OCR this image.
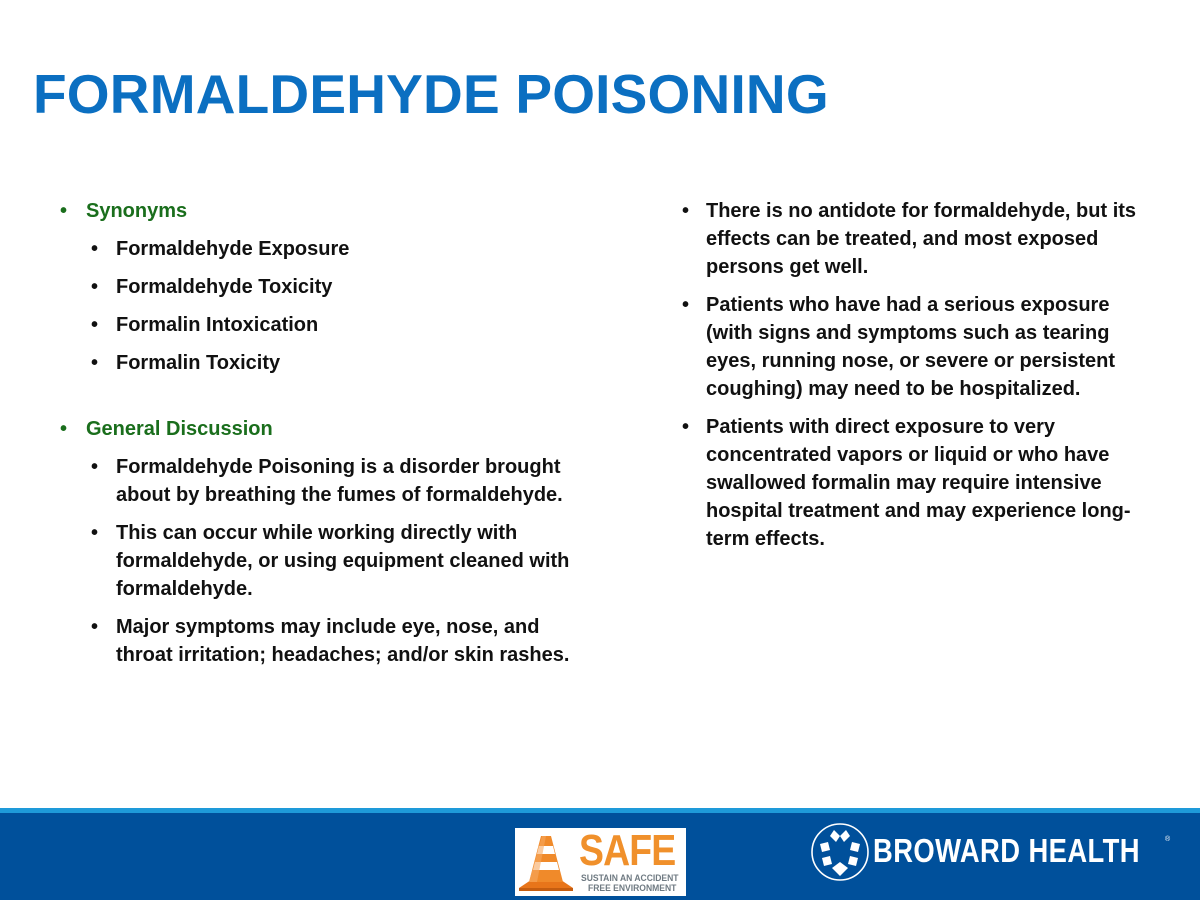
FORMALDEHYDE POISONING
• Synonyms
• Formaldehyde Exposure
• Formaldehyde Toxicity
• Formalin Intoxication
• Formalin Toxicity
• General Discussion
• Formaldehyde Poisoning is a disorder brought about by breathing the fumes of formaldehyde.
• This can occur while working directly with formaldehyde, or using equipment cleaned with formaldehyde.
• Major symptoms may include eye, nose, and throat irritation; headaches; and/or skin rashes.
• There is no antidote for formaldehyde, but its effects can be treated, and most exposed persons get well.
• Patients who have had a serious exposure (with signs and symptoms such as tearing eyes, running nose, or severe or persistent coughing) may need to be hospitalized.
• Patients with direct exposure to very concentrated vapors or liquid or who have swallowed formalin may require intensive hospital treatment and may experience long-term effects.
SAFE
SUSTAIN AN ACCIDENT
FREE ENVIRONMENT
BROWARD HEALTH	®
